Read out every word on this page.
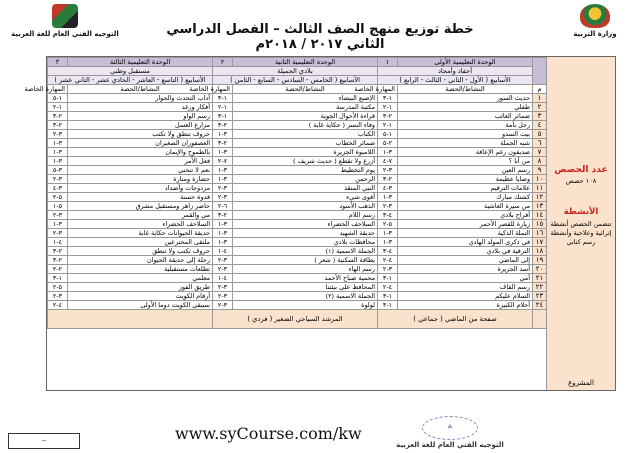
وزارة التربية
التوجيه الفني العام للغة العربية	خطة توزيع منهج الصف الثالث – الفصل الدراسي الثاني ٢٠١٧ / ٢٠١٨م
عدد الحصص
١٠٨ حصص
الأنشطة
تتضمن الحصص أنشطة إثرائية وعلاجية وأنشطة رسم كتابي
المشروع
٣	الوحدة التعليمية الثالثة	٢	الوحدة التعليمية الثانية	١	الوحدة التعليمية الأولى	
مستقبل وطني		بلادي الجميلة		أحفاد وأمجاد		
الأسابيع ( التاسع - العاشر - الحادي عشر - الثاني عشر )		الأسابيع ( الخامس - السادس - السابع - الثامن )		الأسابيع ( الأول - الثاني - الثالث - الرابع )		
المهارة الخاصة	النشاط/الحصة	المهارة الخاصة	النشاط/الحصة	المهارة الخاصة	النشاط/الحصة	م
١-٥	آداب التحدث والحوار	١-٣	الإصبع البيضاء	١-٣	حديث السور	١
١-٢	أفكار ورغد	١-٢	مكتبة المدرسة	١-٢	طفلي	٢
٢-٣	رسم الواو	١-٣	قراءة الأحوال الجوية	٢-٣	ضمائر الغائب	٣
٢-٣	مزارع العسل	٢-٣	وفاء النسر ( حكاية غابة )	١-٢	رجل بأمة	٤
٣-٢	حروف تنطق ولا تكتب	٣-١	الكتاب	١-٥	بيت السدو	٥
٣-١	العصفوران الصغيران	٢-٣	ضمائر الخطاب	٢-٥	شبه الجملة	٦
٣-١	بالطموح والإيمان	٣-١	اللامبوة الجزيرة	٣-١	صديقون رغم الإعاقة	٧
٣-١	فعل الأمر	٧-٢	أزرع ولا تقطع ( حديث شريف )	٧-٤	من أنا ؟	٨
٣-٥	نعم لا تنحني	٣-١	يوم التخطيط	٣-٢	رسم العين	٩
٣-٢	حضارة ومنارة	٣-١	الرحمن	٢-٣	وصايا عظيمة	١٠
٣-٤	مزدوجات وأضداد	٣-٢	النبي المنقذ	٣-٤	علامات الترقيم	١١
٥-٢	قدوة حسنة	٣-٢	أقوى شيء	٣-١	كشتك مبارك	١٢
٥-١	حاضر زاهر ومستقبل مشرق	٦-٢	الذهب الأسود	٣-٢	من سيرة الغاشية	١٣
٣-٢	مي والقمر	٢-٣	رسم اللام	٤-٣	أفراح بلادي	١٤
٣-١	السلاحف الخضراء	٣-١	السلاحف الخضراء	٥-٢	زيارة للقصر الأحمر	١٥
٣-٢	حديقة الحيوانات حكاية غابة	٣-١	حديقة الشهيد	٣-١	النملة الذكية	١٦
٤-١	ملتقى المخترعين	٣-١	محافظات بلادي	٣-١	في ذكرى المولد الهادي	١٧
٢-٣	حروف تكتب ولا تنطق	٤-١	الجملة الاسمية (١)	٤-٣	الترقية في بلادي	١٨
٢-٣	رحلة إلى حديقة الحيوان	٣-٢	بطاقة السكنية ( شعر )	٤-٢	إلى الماضي	١٩
٢-٢	تطلعات مستقبلية	٣-٢	رسم الهاء	٣-٢	أسد الجزيرة	٢٠
١-٣	معلمي	٤-١	محمية صباح الأحمد	١-٣	أمي	٢١
٥-٢	طريق الفوز	٣-٢	المحافظ على بيئتنا	٤-٢	رسم القاف	٢٢
٣-٢	أرقام الكويت	٣-٢	الجملة الاسمية (٢)	١-٣	السلام عليكم	٢٣
٤-٢	سيبقى الكويت دوما الأولى	٣-٢	لولوة	١-٣	أحلام الكبيرة	٢٤
		المرشد السياحي الصغير ( فردي )		صفحة من الماضي ( جماعي )		
—	www.syCourse.com/kw	☘
التوجيه الفني العام للغة العربية
